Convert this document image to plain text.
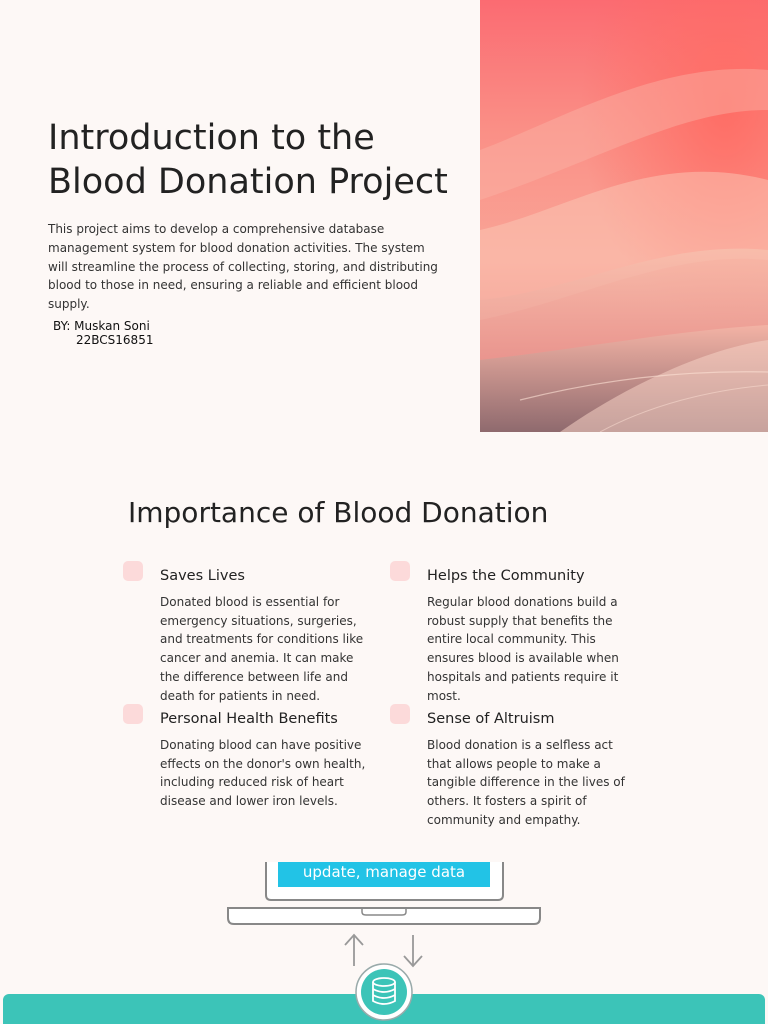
Introduction to the Blood Donation Project

This project aims to develop a comprehensive database management system for blood donation activities. The system will streamline the process of collecting, storing, and distributing blood to those in need, ensuring a reliable and efficient blood supply.

BY: Muskan Soni
22BCS16851
Importance of Blood Donation
Saves Lives

Donated blood is essential for emergency situations, surgeries, and treatments for conditions like cancer and anemia. It can make the difference between life and death for patients in need.

Helps the Community

Regular blood donations build a robust supply that benefits the entire local community. This ensures blood is available when hospitals and patients require it most.

Personal Health Benefits

Donating blood can have positive effects on the donor's own health, including reduced risk of heart disease and lower iron levels.

Sense of Altruism

Blood donation is a selfless act that allows people to make a tangible difference in the lives of others. It fosters a spirit of community and empathy.

update, manage data
